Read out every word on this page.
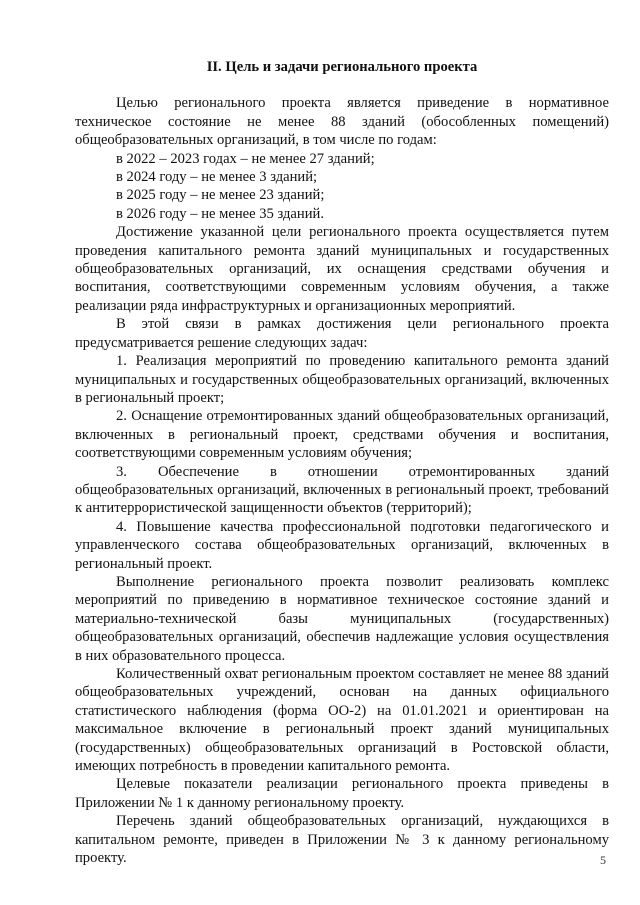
II. Цель и задачи регионального проекта

Целью регионального проекта является приведение в нормативное техническое состояние не менее 88 зданий (обособленных помещений) общеобразовательных организаций, в том числе по годам:

в 2022 – 2023 годах – не менее 27 зданий;

в 2024 году – не менее 3 зданий;

в 2025 году – не менее 23 зданий;

в 2026 году – не менее 35 зданий.

Достижение указанной цели регионального проекта осуществляется путем проведения капитального ремонта зданий муниципальных и государственных общеобразовательных организаций, их оснащения средствами обучения и воспитания, соответствующими современным условиям обучения, а также реализации ряда инфраструктурных и организационных мероприятий.

В этой связи в рамках достижения цели регионального проекта предусматривается решение следующих задач:

1. Реализация мероприятий по проведению капитального ремонта зданий муниципальных и государственных общеобразовательных организаций, включенных в региональный проект;

2. Оснащение отремонтированных зданий общеобразовательных организаций, включенных в региональный проект, средствами обучения и воспитания, соответствующими современным условиям обучения;

3. Обеспечение в отношении отремонтированных зданий общеобразовательных организаций, включенных в региональный проект, требований к антитеррористической защищенности объектов (территорий);

4. Повышение качества профессиональной подготовки педагогического и управленческого состава общеобразовательных организаций, включенных в региональный проект.

Выполнение регионального проекта позволит реализовать комплекс мероприятий по приведению в нормативное техническое состояние зданий и материально-технической базы муниципальных (государственных) общеобразовательных организаций, обеспечив надлежащие условия осуществления в них образовательного процесса.

Количественный охват региональным проектом составляет не менее 88 зданий общеобразовательных учреждений, основан на данных официального статистического наблюдения (форма ОО-2) на 01.01.2021 и ориентирован на максимальное включение в региональный проект зданий муниципальных (государственных) общеобразовательных организаций в Ростовской области, имеющих потребность в проведении капитального ремонта.

Целевые показатели реализации регионального проекта приведены в Приложении № 1 к данному региональному проекту.

Перечень зданий общеобразовательных организаций, нуждающихся в капитальном ремонте, приведен в Приложении № 3 к данному региональному проекту.	5
